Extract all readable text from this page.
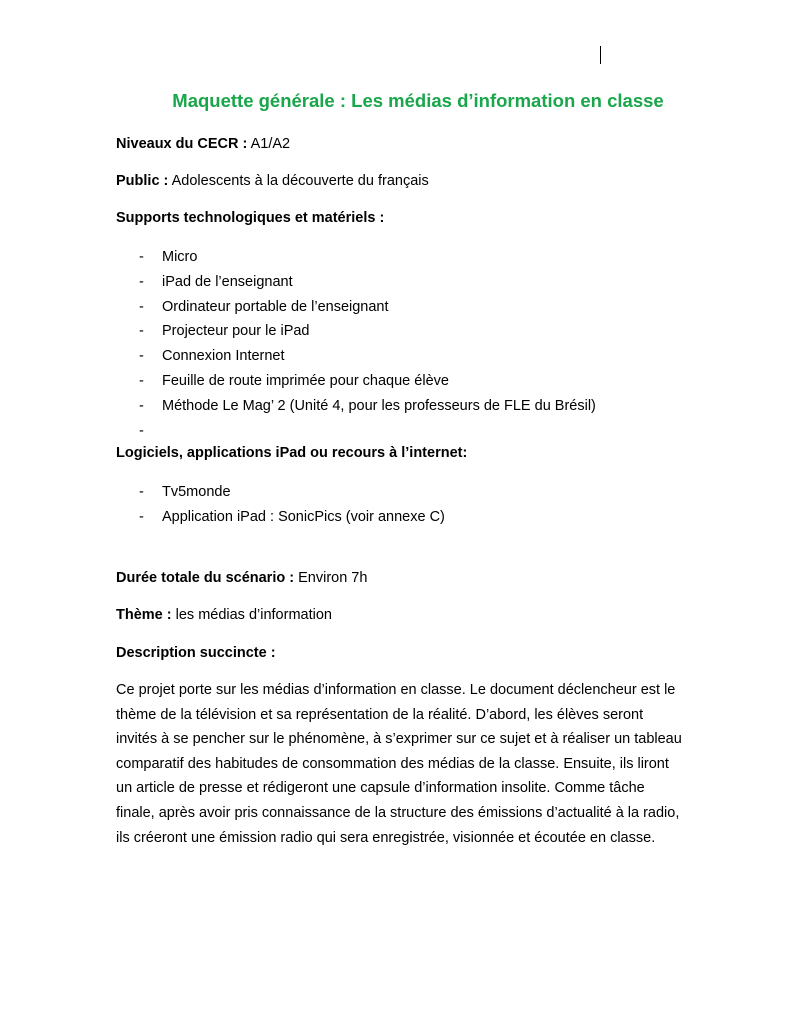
Maquette générale : Les médias d’information en classe
Niveaux du CECR : A1/A2
Public : Adolescents à la découverte du français
Supports technologiques et matériels :
- Micro
- iPad de l’enseignant
- Ordinateur portable de l’enseignant
- Projecteur pour le iPad
- Connexion Internet
- Feuille de route imprimée pour chaque élève
- Méthode Le Mag’ 2 (Unité 4, pour les professeurs de FLE du Brésil)
-
Logiciels, applications iPad ou recours à l’internet:
- Tv5monde
- Application iPad : SonicPics (voir annexe C)
Durée totale du scénario : Environ 7h
Thème : les médias d’information
Description succincte :
Ce projet porte sur les médias d’information en classe. Le document déclencheur est le
thème de la télévision et sa représentation de la réalité. D’abord, les élèves seront
invités à se pencher sur le phénomène, à s’exprimer sur ce sujet et à réaliser un tableau
comparatif des habitudes de consommation des médias de la classe. Ensuite, ils liront
un article de presse et rédigeront une capsule d’information insolite. Comme tâche
finale, après avoir pris connaissance de la structure des émissions d’actualité à la radio,
ils créeront une émission radio qui sera enregistrée, visionnée et écoutée en classe.
